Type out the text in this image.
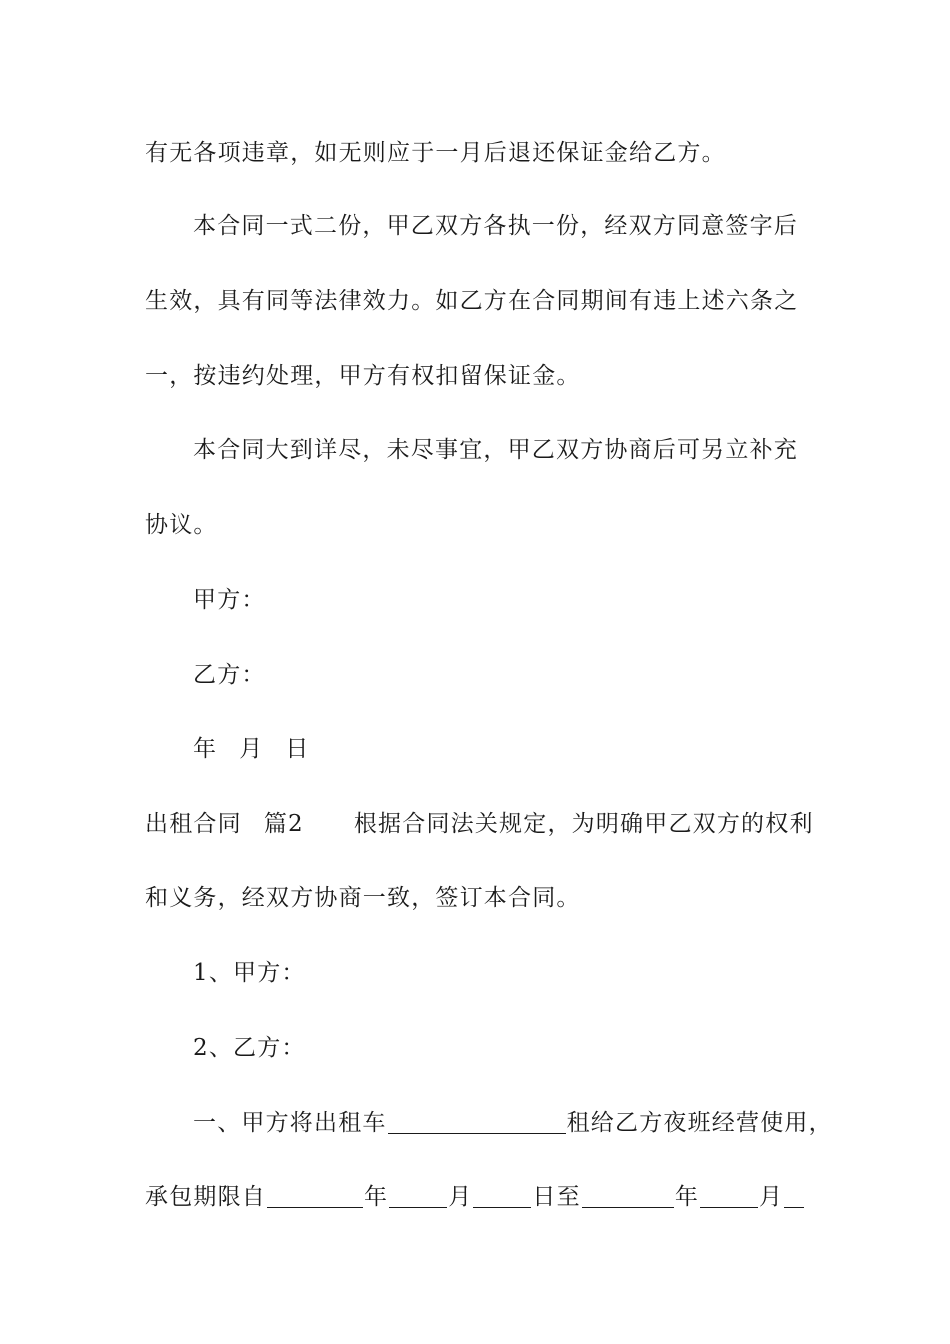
有无各项违章，如无则应于一月后退还保证金给乙方。
本合同一式二份，甲乙双方各执一份，经双方同意签字后
生效，具有同等法律效力。如乙方在合同期间有违上述六条之
一，按违约处理，甲方有权扣留保证金。
本合同大到详尽，未尽事宜，甲乙双方协商后可另立补充
协议。
甲方：
乙方：
年 月 日
出租合同 篇2 根据合同法关规定，为明确甲乙双方的权利
和义务，经双方协商一致，签订本合同。
1、甲方：
2、乙方：
一、甲方将出租车	租给乙方夜班经营使用，
承包期限自	年	月	日至	年	月
